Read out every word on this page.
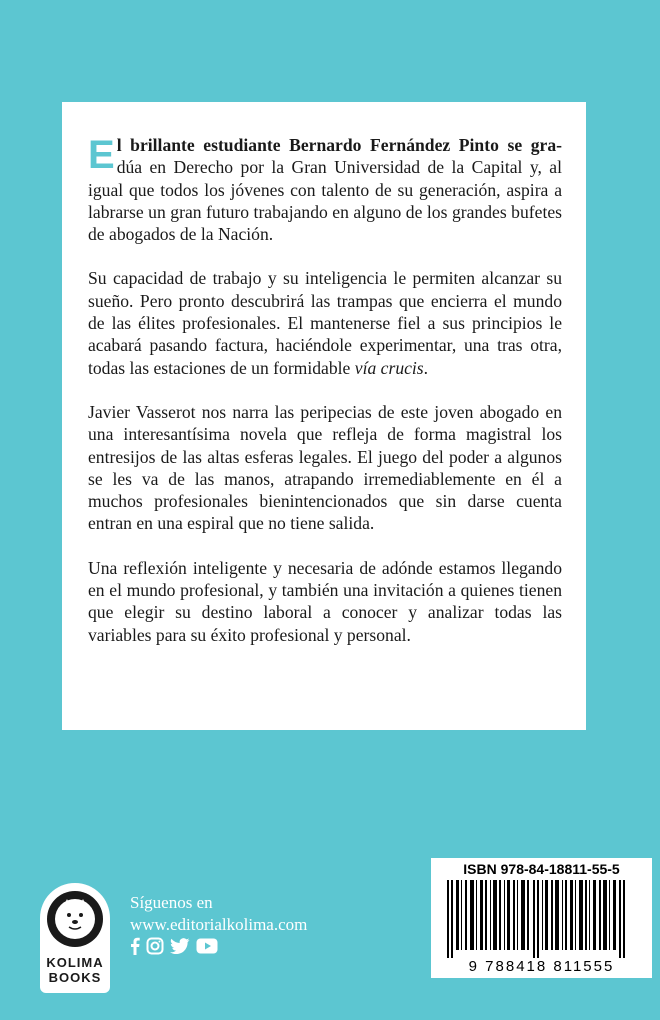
El brillante estudiante Bernardo Fernández Pinto se gra- dúa en Derecho por la Gran Universidad de la Capital y, al igual que todos los jóvenes con talento de su generación, aspira a labrarse un gran futuro trabajando en alguno de los grandes bufetes de abogados de la Nación.

Su capacidad de trabajo y su inteligencia le permiten alcanzar su sueño. Pero pronto descubrirá las trampas que encierra el mundo de las élites profesionales. El mantenerse fiel a sus principios le acabará pasando factura, haciéndole experimentar, una tras otra, todas las estaciones de un formidable vía crucis.

Javier Vasserot nos narra las peripecias de este joven abogado en una interesantísima novela que refleja de forma magistral los entresijos de las altas esferas legales. El juego del poder a algunos se les va de las manos, atrapando irremediablemente en él a muchos profesionales bienintencionados que sin darse cuenta entran en una espiral que no tiene salida.

Una reflexión inteligente y necesaria de adónde estamos llegando en el mundo profesional, y también una invitación a quienes tienen que elegir su destino laboral a conocer y analizar todas las variables para su éxito profesional y personal.

KOLIMA
BOOKS
Síguenos en
www.editorialkolima.com
ISBN 978-84-18811-55-5
9 788418 811555
